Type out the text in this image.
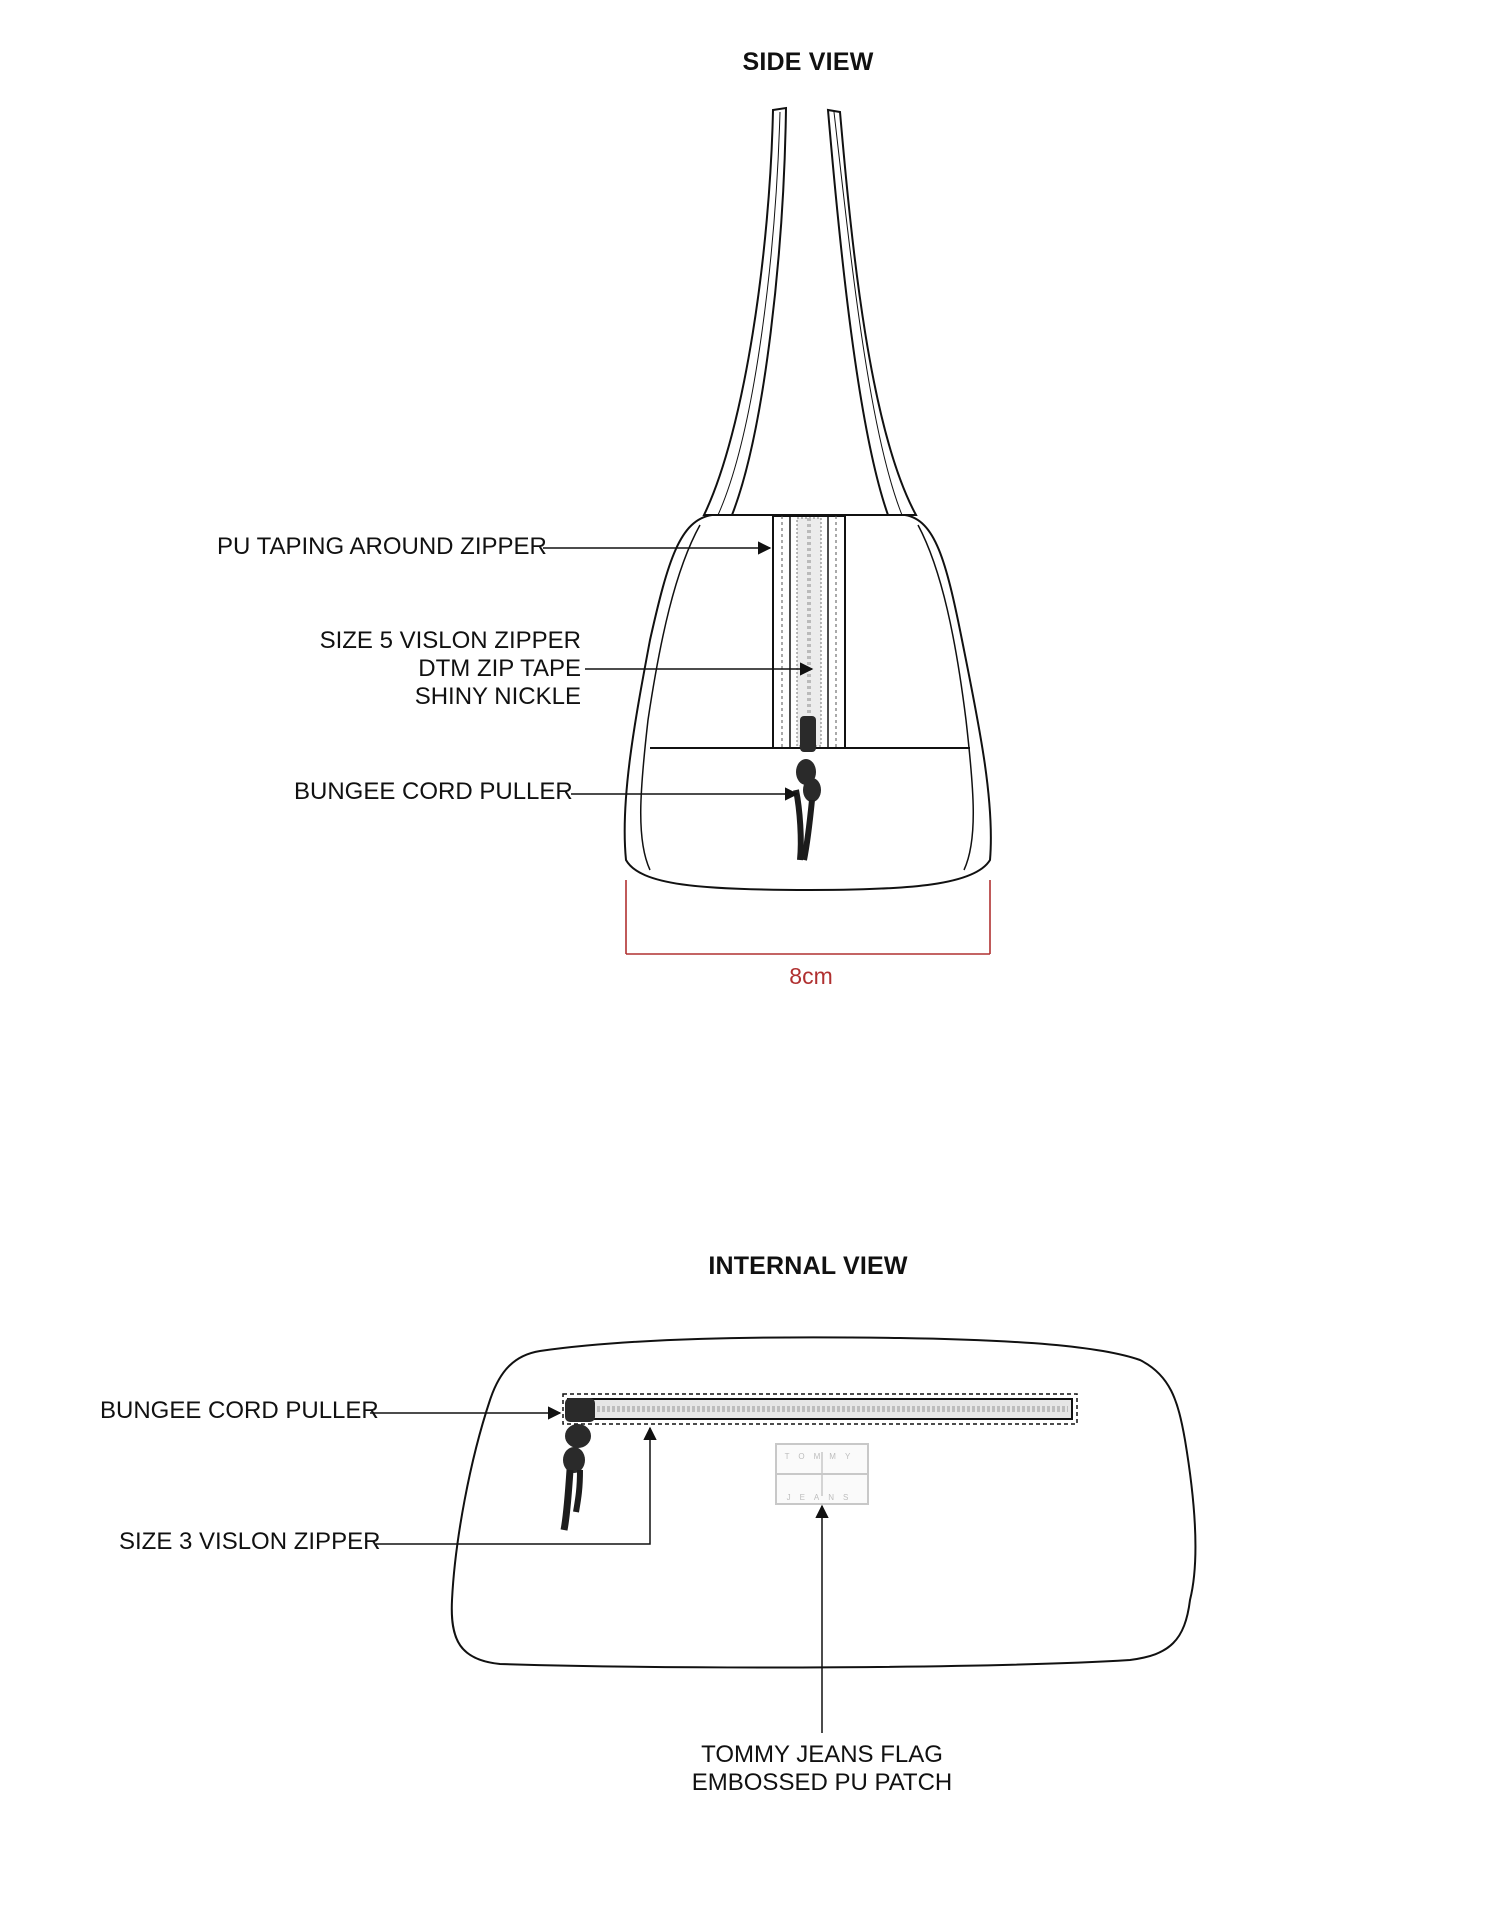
SIDE VIEW
INTERNAL VIEW
PU TAPING AROUND ZIPPER
SIZE 5 VISLON ZIPPER
DTM ZIP TAPE
SHINY NICKLE
BUNGEE CORD PULLER
8cm
BUNGEE CORD PULLER
SIZE 3 VISLON ZIPPER
TOMMY JEANS FLAG
EMBOSSED PU PATCH
TOMMY
JEANS
